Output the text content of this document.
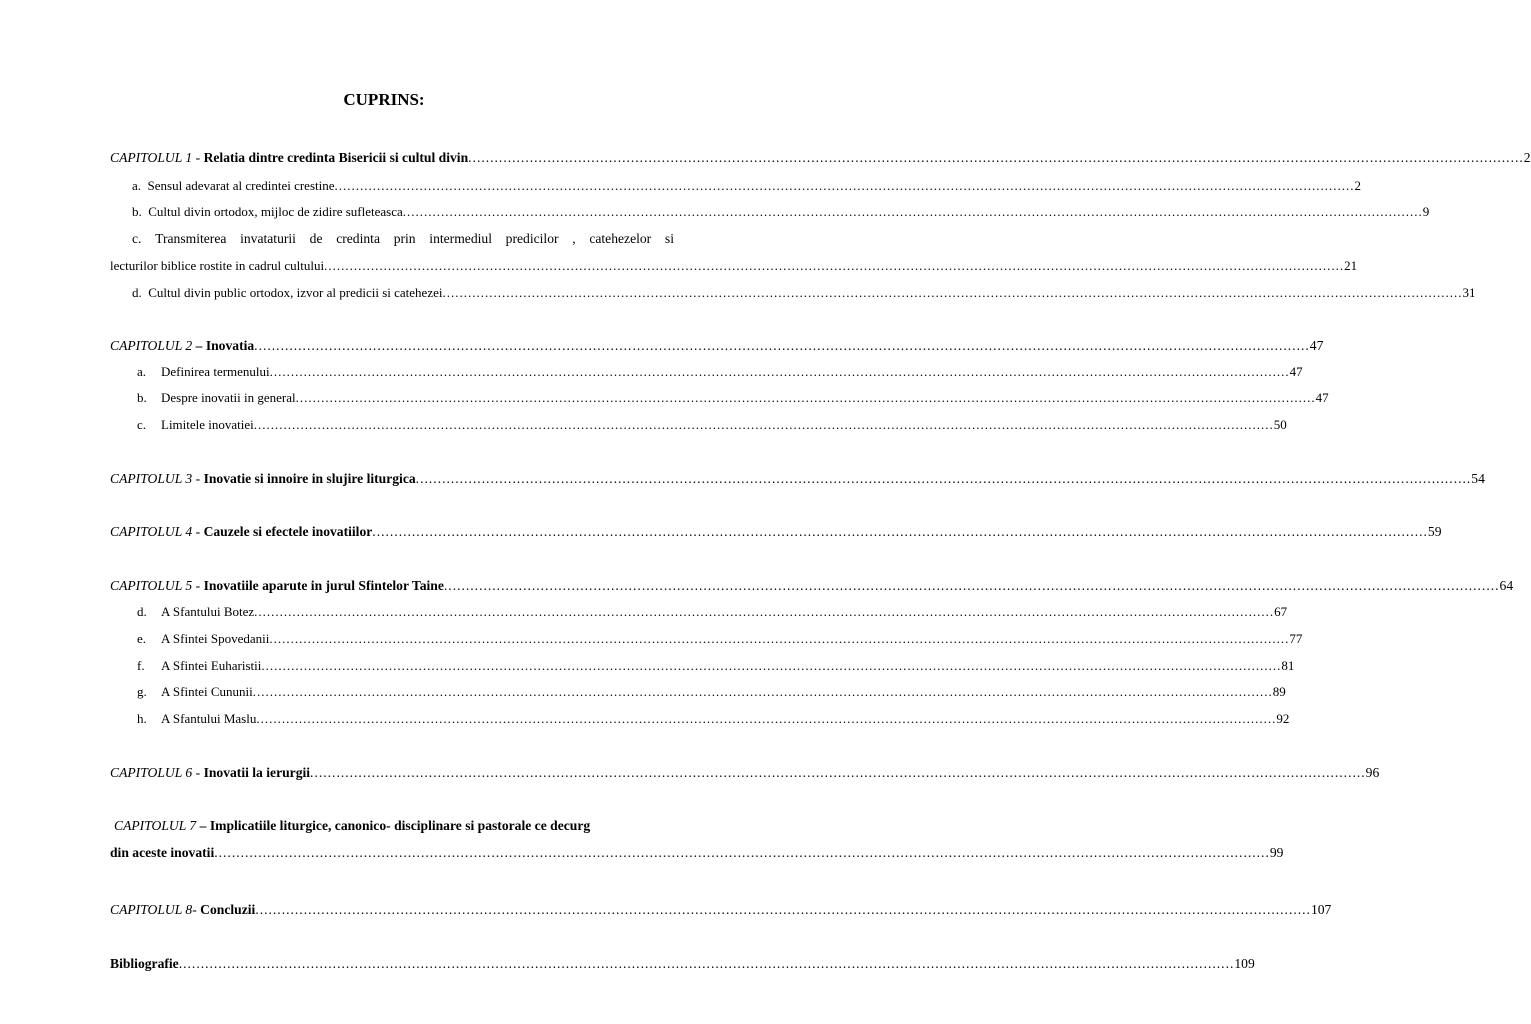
CUPRINS:
CAPITOLUL 1 - Relatia dintre credinta Bisericii si cultul divin .....	2
a. Sensul adevarat al credintei crestine .....	2
b. Cultul divin ortodox, mijloc de zidire sufleteasca .....	9
c. Transmiterea invataturii de credinta prin intermediul predicilor , catehezelor si
lecturilor biblice rostite in cadrul cultului .....	21
d. Cultul divin public ortodox, izvor al predicii si catehezei .....	31
CAPITOLUL 2 – Inovatia .....	47
a. Definirea termenului .....	47
b. Despre inovatii in general .....	47
c. Limitele inovatiei .....	50
CAPITOLUL 3 - Inovatie si innoire in slujire liturgica .....	54
CAPITOLUL 4 - Cauzele si efectele inovatiilor .....	59
CAPITOLUL 5 - Inovatiile aparute in jurul Sfintelor Taine .....	64
d. A Sfantului Botez .....	67
e. A Sfintei Spovedanii .....	77
f. A Sfintei Euharistii .....	81
g. A Sfintei Cununii .....	89
h. A Sfantului Maslu .....	92
CAPITOLUL 6 - Inovatii la ierurgii .....	96
CAPITOLUL 7 – Implicatiile liturgice, canonico- disciplinare si pastorale ce decurg
din aceste inovatii .....	99
CAPITOLUL 8- Concluzii .....	107
Bibliografie .....	109
